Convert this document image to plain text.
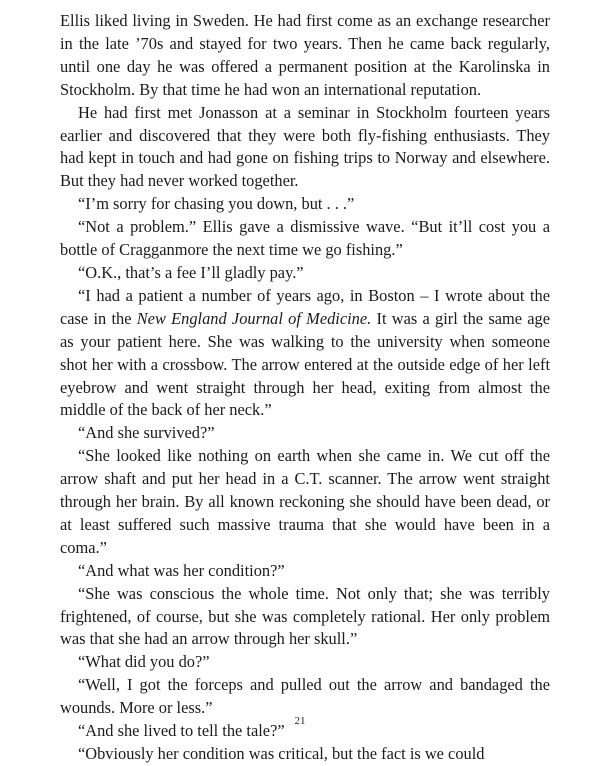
Ellis liked living in Sweden. He had first come as an exchange researcher in the late ’70s and stayed for two years. Then he came back regularly, until one day he was offered a permanent position at the Karolinska in Stockholm. By that time he had won an international reputation.

He had first met Jonasson at a seminar in Stockholm fourteen years earlier and discovered that they were both fly-fishing enthusiasts. They had kept in touch and had gone on fishing trips to Norway and elsewhere. But they had never worked together.

“I’m sorry for chasing you down, but . . .”

“Not a problem.” Ellis gave a dismissive wave. “But it’ll cost you a bottle of Cragganmore the next time we go fishing.”

“O.K., that’s a fee I’ll gladly pay.”

“I had a patient a number of years ago, in Boston – I wrote about the case in the New England Journal of Medicine. It was a girl the same age as your patient here. She was walking to the university when someone shot her with a crossbow. The arrow entered at the outside edge of her left eyebrow and went straight through her head, exiting from almost the middle of the back of her neck.”

“And she survived?”

“She looked like nothing on earth when she came in. We cut off the arrow shaft and put her head in a C.T. scanner. The arrow went straight through her brain. By all known reckoning she should have been dead, or at least suffered such massive trauma that she would have been in a coma.”

“And what was her condition?”

“She was conscious the whole time. Not only that; she was terribly frightened, of course, but she was completely rational. Her only problem was that she had an arrow through her skull.”

“What did you do?”

“Well, I got the forceps and pulled out the arrow and bandaged the wounds. More or less.”

“And she lived to tell the tale?”

“Obviously her condition was critical, but the fact is we could

21
